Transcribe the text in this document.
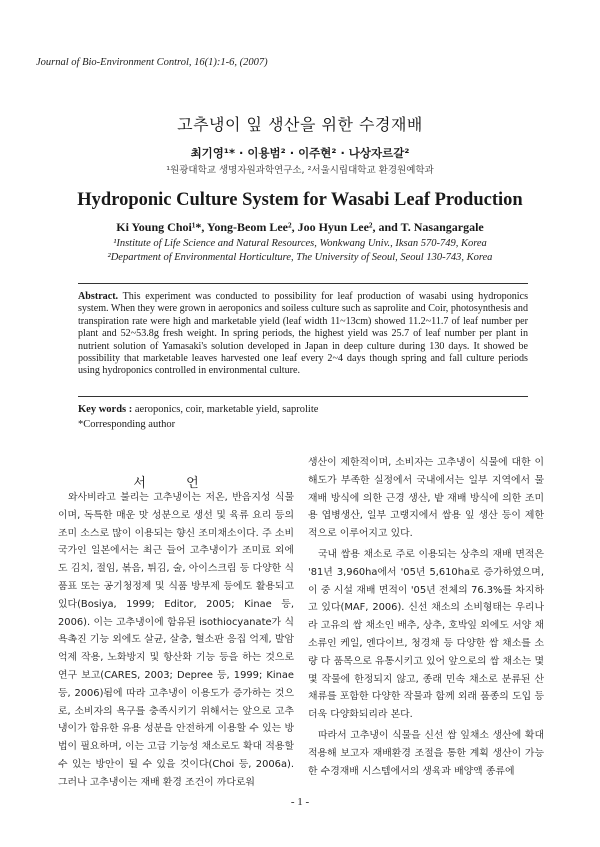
Journal of Bio-Environment Control, 16(1):1-6, (2007)
고추냉이 잎 생산을 위한 수경재배
최기영¹* · 이용범² · 이주현² · 나상자르갈²
¹원광대학교 생명자원과학연구소, ²서울시립대학교 환경원예학과
Hydroponic Culture System for Wasabi Leaf Production
Ki Young Choi¹*, Yong-Beom Lee², Joo Hyun Lee², and T. Nasangargale
¹Institute of Life Science and Natural Resources, Wonkwang Univ., Iksan 570-749, Korea
²Department of Environmental Horticulture, The University of Seoul, Seoul 130-743, Korea
Abstract. This experiment was conducted to possibility for leaf production of wasabi using hydroponics system. When they were grown in aeroponics and soiless culture such as saprolite and Coir, photosynthesis and transpiration rate were high and marketable yield (leaf width 11~13cm) showed 11.2~11.7 of leaf number per plant and 52~53.8g fresh weight. In spring periods, the highest yield was 25.7 of leaf number per plant in nutrient solution of Yamasaki's solution developed in Japan in deep culture during 130 days. It showed be possibility that marketable leaves harvested one leaf every 2~4 days though spring and fall culture periods using hydroponics controlled in environmental culture.
Key words : aeroponics, coir, marketable yield, saprolite
*Corresponding author
서 언

와사비라고 불리는 고추냉이는 저온, 반음지성 식물이며, 독특한 매운 맛 성분으로 생선 및 육류 요리 등의 조미 소스로 많이 이용되는 향신 조미채소이다. 주 소비 국가인 일본에서는 최근 들어 고추냉이가 조미료 외에도 김치, 절임, 볶음, 튀김, 술, 아이스크림 등 다양한 식품표 또는 공기청정제 및 식품 방부제 등에도 활용되고 있다(Bosiya, 1999; Editor, 2005; Kinae 등, 2006). 이는 고추냉이에 함유된 isothiocyanate가 식욕촉진 기능 외에도 살균, 살충, 혈소판 응집 억제, 발암 억제 작용, 노화방지 및 항산화 기능 등을 하는 것으로 연구 보고(CARES, 2003; Depree 등, 1999; Kinae 등, 2006)됨에 따라 고추냉이 이용도가 증가하는 것으로, 소비자의 욕구를 충족시키기 위해서는 앞으로 고추냉이가 함유한 유용 성분을 안전하게 이용할 수 있는 방법이 필요하며, 이는 고급 기능성 채소로도 확대 적용할 수 있는 방안이 될 수 있을 것이다(Choi 등, 2006a). 그러나 고추냉이는 재배 환경 조건이 까다로워

생산이 제한적이며, 소비자는 고추냉이 식물에 대한 이해도가 부족한 실정에서 국내에서는 일부 지역에서 물재배 방식에 의한 근경 생산, 밭 재배 방식에 의한 조미용 엽병생산, 일부 고랭지에서 쌈용 잎 생산 등이 제한적으로 이루어지고 있다.

국내 쌈용 채소로 주로 이용되는 상추의 재배 면적은 '81년 3,960ha에서 '05년 5,610ha로 증가하였으며, 이 중 시설 재배 면적이 '05년 전체의 76.3%를 차지하고 있다(MAF, 2006). 신선 채소의 소비형태는 우리나라 고유의 쌈 채소인 배추, 상추, 호박잎 외에도 서양 채소류인 케일, 엔다이브, 청경채 등 다양한 쌈 채소를 소량 다 품목으로 유통시키고 있어 앞으로의 쌈 채소는 몇몇 작물에 한정되지 않고, 종래 민속 채소로 분류된 산채류를 포함한 다양한 작물과 함께 외래 품종의 도입 등 더욱 다양화되리라 본다.

따라서 고추냉이 식물을 신선 쌈 잎채소 생산에 확대 적용해 보고자 재배환경 조절을 통한 계획 생산이 가능한 수경재배 시스템에서의 생육과 배양액 종류에

- 1 -
